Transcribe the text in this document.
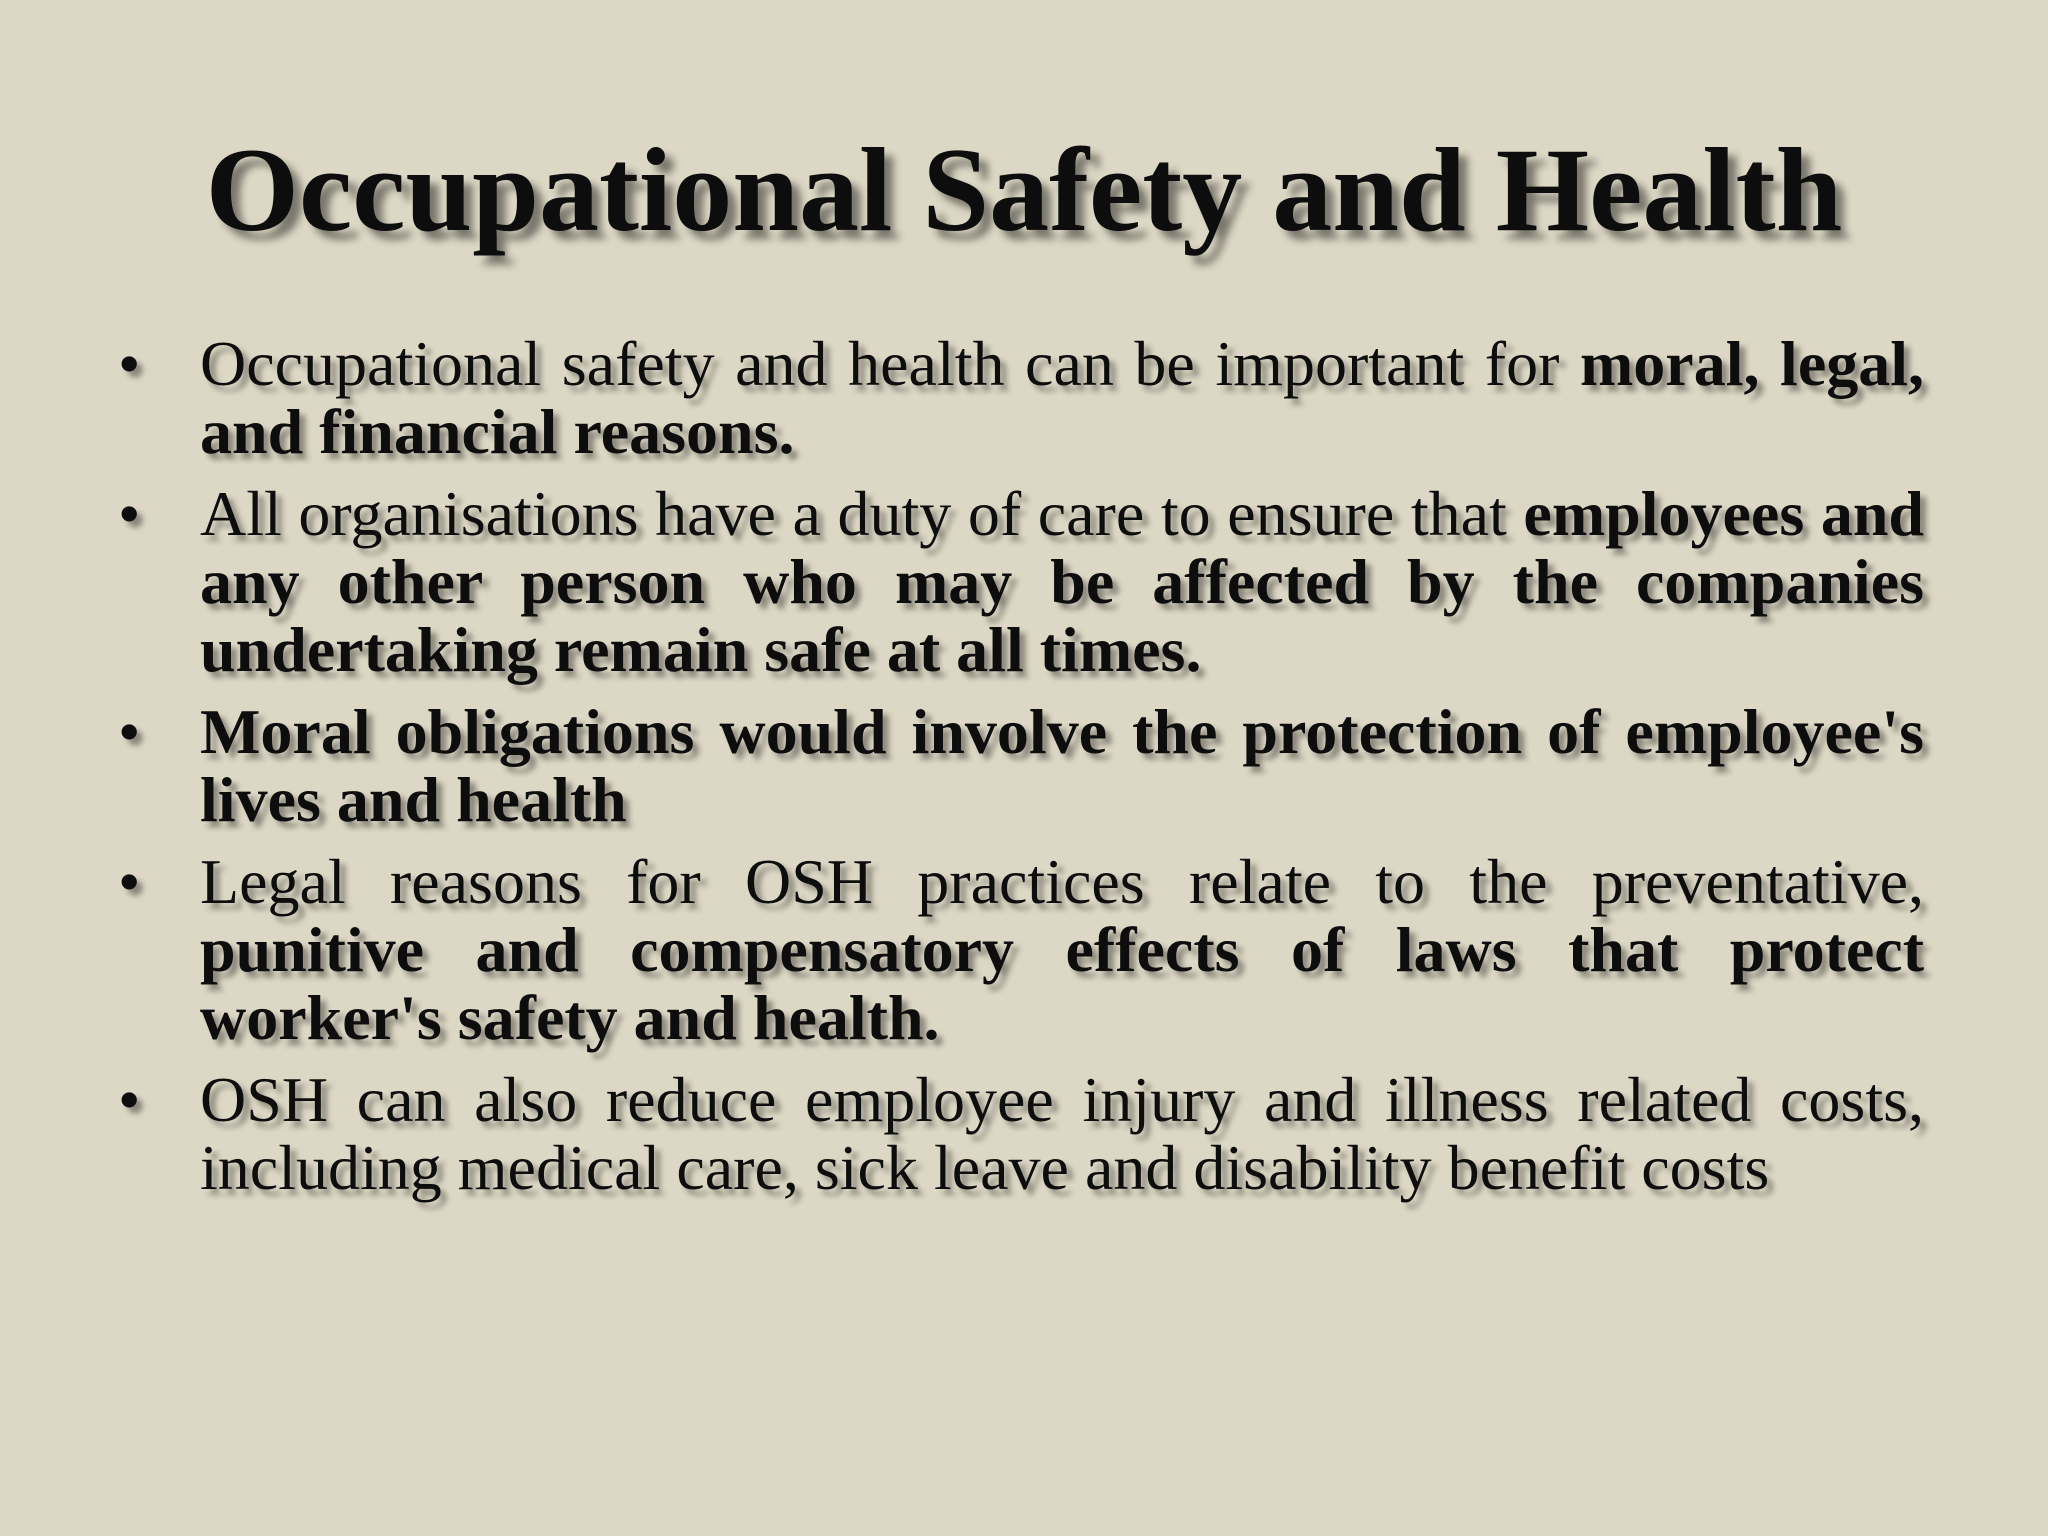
Occupational Safety and Health
• Occupational safety and health can be important for moral, legal, and financial reasons.
• All organisations have a duty of care to ensure that employees and any other person who may be affected by the companies undertaking remain safe at all times.
• Moral obligations would involve the protection of employee's lives and health
• Legal reasons for OSH practices relate to the preventative, punitive and compensatory effects of laws that protect worker's safety and health.
• OSH can also reduce employee injury and illness related costs, including medical care, sick leave and disability benefit costs
